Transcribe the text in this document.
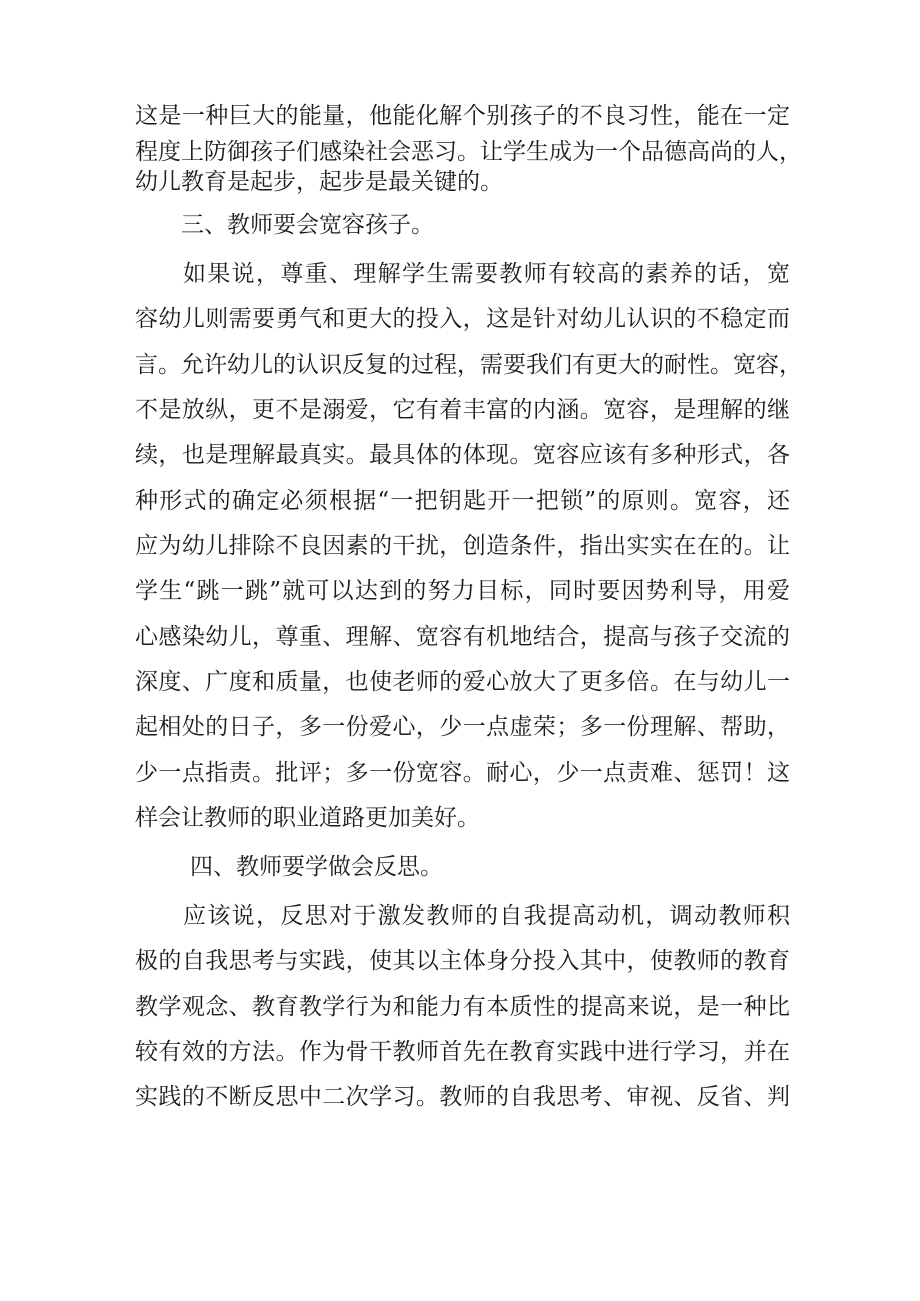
这是一种巨大的能量，他能化解个别孩子的不良习性，能在一定
程度上防御孩子们感染社会恶习。让学生成为一个品德高尚的人，
幼儿教育是起步，起步是最关键的。
三、教师要会宽容孩子。
如果说，尊重、理解学生需要教师有较高的素养的话，宽
容幼儿则需要勇气和更大的投入，这是针对幼儿认识的不稳定而
言。允许幼儿的认识反复的过程，需要我们有更大的耐性。宽容，
不是放纵，更不是溺爱，它有着丰富的内涵。宽容，是理解的继
续，也是理解最真实。最具体的体现。宽容应该有多种形式，各
种形式的确定必须根据“一把钥匙开一把锁”的原则。宽容，还
应为幼儿排除不良因素的干扰，创造条件，指出实实在在的。让
学生“跳一跳”就可以达到的努力目标，同时要因势利导，用爱
心感染幼儿，尊重、理解、宽容有机地结合，提高与孩子交流的
深度、广度和质量，也使老师的爱心放大了更多倍。在与幼儿一
起相处的日子，多一份爱心，少一点虚荣；多一份理解、帮助，
少一点指责。批评；多一份宽容。耐心，少一点责难、惩罚！这
样会让教师的职业道路更加美好。
四、教师要学做会反思。
应该说，反思对于激发教师的自我提高动机，调动教师积
极的自我思考与实践，使其以主体身分投入其中，使教师的教育
教学观念、教育教学行为和能力有本质性的提高来说，是一种比
较有效的方法。作为骨干教师首先在教育实践中进行学习，并在
实践的不断反思中二次学习。教师的自我思考、审视、反省、判
